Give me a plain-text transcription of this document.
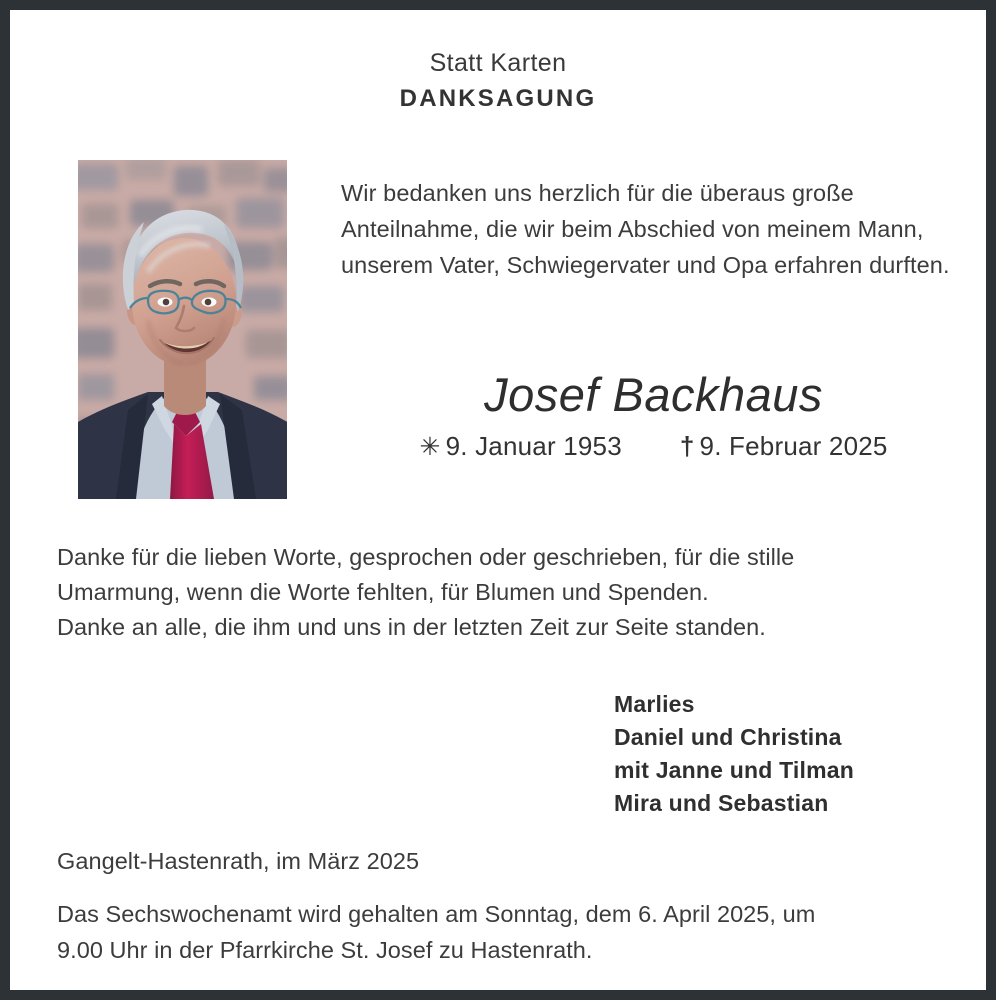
Statt Karten
DANKSAGUNG
Wir bedanken uns herzlich für die überaus große Anteilnahme, die wir beim Abschied von meinem Mann, unserem Vater, Schwiegervater und Opa erfahren durften.
Josef Backhaus
✳ 9. Januar 1953 † 9. Februar 2025
Danke für die lieben Worte, gesprochen oder geschrieben, für die stille
Umarmung, wenn die Worte fehlten, für Blumen und Spenden.
Danke an alle, die ihm und uns in der letzten Zeit zur Seite standen.
Marlies
Daniel und Christina
mit Janne und Tilman
Mira und Sebastian
Gangelt-Hastenrath, im März 2025
Das Sechswochenamt wird gehalten am Sonntag, dem 6. April 2025, um
9.00 Uhr in der Pfarrkirche St. Josef zu Hastenrath.
